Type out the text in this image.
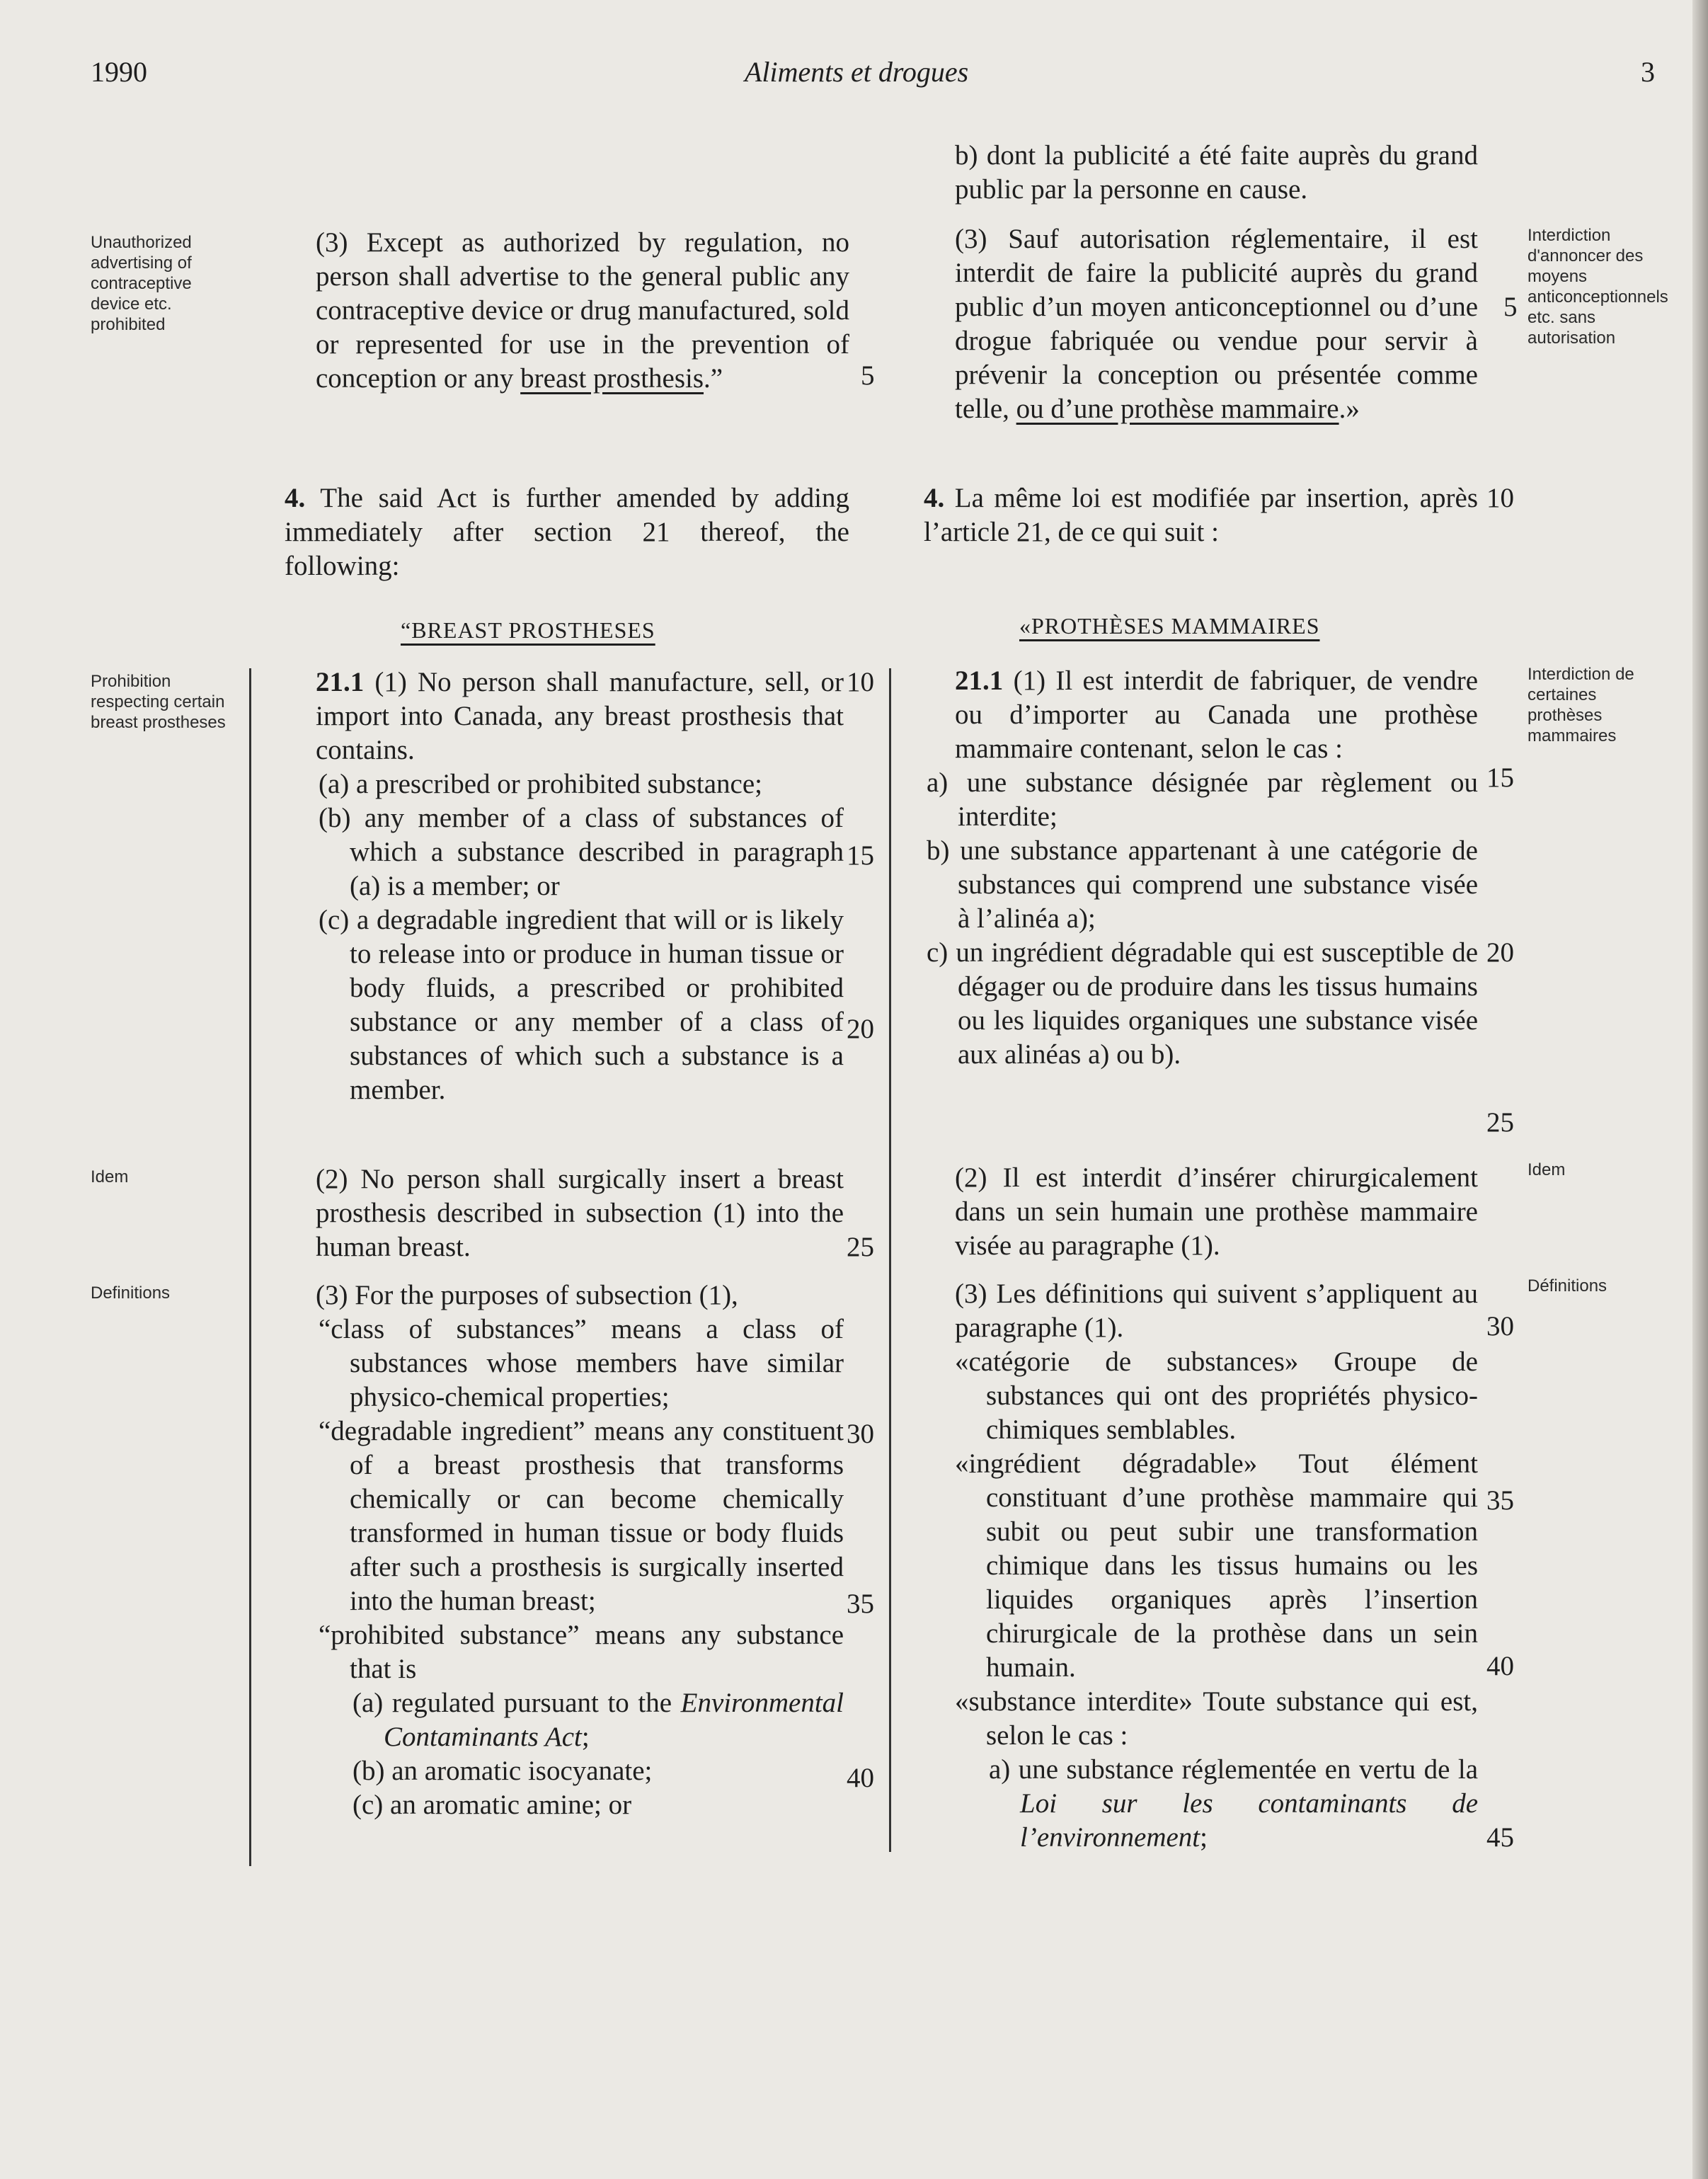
1990	Aliments et drogues	3
Unauthorized advertising of contraceptive device etc. prohibited
Prohibition respecting certain breast prostheses
Idem
Definitions
Interdiction d'annoncer des moyens anticonceptionnels etc. sans autorisation
Interdiction de certaines prothèses mammaires
Idem
Définitions

(3) Except as authorized by regulation, no person shall advertise to the general public any contraceptive device or drug manufactured, sold or represented for use in the prevention of conception or any breast prosthesis.”

4. The said Act is further amended by adding immediately after section 21 thereof, the following:

“BREAST PROSTHESES

21.1 (1) No person shall manufacture, sell, or import into Canada, any breast prosthesis that contains.

(a) a prescribed or prohibited substance;

(b) any member of a class of substances of which a substance described in paragraph (a) is a member; or

(c) a degradable ingredient that will or is likely to release into or produce in human tissue or body fluids, a prescribed or prohibited substance or any member of a class of substances of which such a substance is a member.

(2) No person shall surgically insert a breast prosthesis described in subsection (1) into the human breast.

(3) For the purposes of subsection (1),

“class of substances” means a class of substances whose members have similar physico-chemical properties;

“degradable ingredient” means any constituent of a breast prosthesis that transforms chemically or can become chemically transformed in human tissue or body fluids after such a prosthesis is surgically inserted into the human breast;

“prohibited substance” means any substance that is

(a) regulated pursuant to the Environmental Contaminants Act;

(b) an aromatic isocyanate;

(c) an aromatic amine; or

5
10
15
20
25
30
35
40

b) dont la publicité a été faite auprès du grand public par la personne en cause.

(3) Sauf autorisation réglementaire, il est interdit de faire la publicité auprès du grand public d’un moyen anticonceptionnel ou d’une drogue fabriquée ou vendue pour servir à prévenir la conception ou présentée comme telle, ou d’une prothèse mammaire.»

4. La même loi est modifiée par insertion, après l’article 21, de ce qui suit :

«PROTHÈSES MAMMAIRES

21.1 (1) Il est interdit de fabriquer, de vendre ou d’importer au Canada une prothèse mammaire contenant, selon le cas :

a) une substance désignée par règlement ou interdite;

b) une substance appartenant à une catégorie de substances qui comprend une substance visée à l’alinéa a);

c) un ingrédient dégradable qui est susceptible de dégager ou de produire dans les tissus humains ou les liquides organiques une substance visée aux alinéas a) ou b).

(2) Il est interdit d’insérer chirurgicalement dans un sein humain une prothèse mammaire visée au paragraphe (1).

(3) Les définitions qui suivent s’appliquent au paragraphe (1).

«catégorie de substances» Groupe de substances qui ont des propriétés physico-chimiques semblables.

«ingrédient dégradable» Tout élément constituant d’une prothèse mammaire qui subit ou peut subir une transformation chimique dans les tissus humains ou les liquides organiques après l’insertion chirurgicale de la prothèse dans un sein humain.

«substance interdite» Toute substance qui est, selon le cas :

a) une substance réglementée en vertu de la Loi sur les contaminants de l’environnement;

5
10
15
20
25
30
35
40
45
